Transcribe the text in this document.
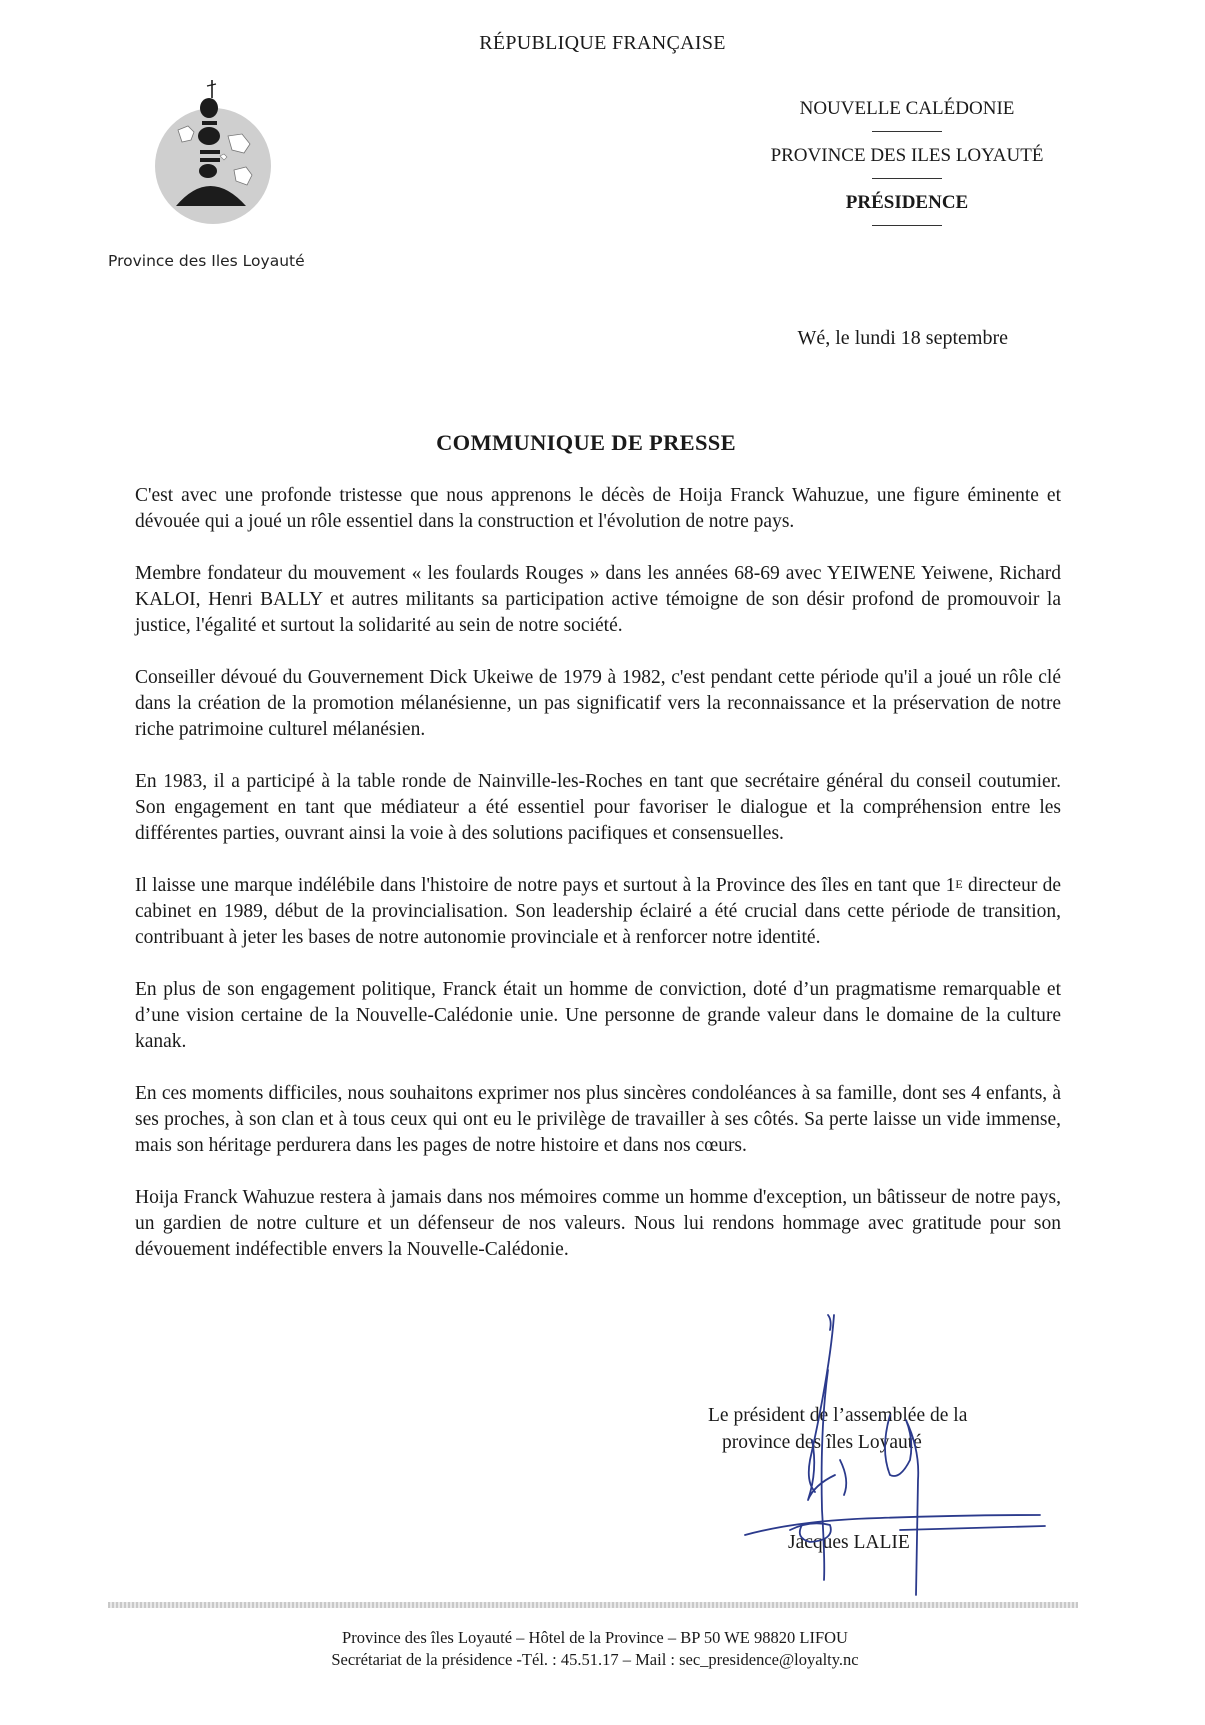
RÉPUBLIQUE FRANÇAISE
Province des Iles Loyauté
NOUVELLE CALÉDONIE
PROVINCE DES ILES LOYAUTÉ
PRÉSIDENCE
Wé, le lundi 18 septembre
COMMUNIQUE DE PRESSE

C'est avec une profonde tristesse que nous apprenons le décès de Hoija Franck Wahuzue, une figure éminente et dévouée qui a joué un rôle essentiel dans la construction et l'évolution de notre pays.

Membre fondateur du mouvement « les foulards Rouges » dans les années 68-69 avec YEIWENE Yeiwene, Richard KALOI, Henri BALLY et autres militants sa participation active témoigne de son désir profond de promouvoir la justice, l'égalité et surtout la solidarité au sein de notre société.

Conseiller dévoué du Gouvernement Dick Ukeiwe de 1979 à 1982, c'est pendant cette période qu'il a joué un rôle clé dans la création de la promotion mélanésienne, un pas significatif vers la reconnaissance et la préservation de notre riche patrimoine culturel mélanésien.

En 1983, il a participé à la table ronde de Nainville-les-Roches en tant que secrétaire général du conseil coutumier. Son engagement en tant que médiateur a été essentiel pour favoriser le dialogue et la compréhension entre les différentes parties, ouvrant ainsi la voie à des solutions pacifiques et consensuelles.

Il laisse une marque indélébile dans l'histoire de notre pays et surtout à la Province des îles en tant que $1^E$ directeur de cabinet en 1989, début de la provincialisation. Son leadership éclairé a été crucial dans cette période de transition, contribuant à jeter les bases de notre autonomie provinciale et à renforcer notre identité.

En plus de son engagement politique, Franck était un homme de conviction, doté d’un pragmatisme remarquable et d’une vision certaine de la Nouvelle-Calédonie unie. Une personne de grande valeur dans le domaine de la culture kanak.

En ces moments difficiles, nous souhaitons exprimer nos plus sincères condoléances à sa famille, dont ses 4 enfants, à ses proches, à son clan et à tous ceux qui ont eu le privilège de travailler à ses côtés. Sa perte laisse un vide immense, mais son héritage perdurera dans les pages de notre histoire et dans nos cœurs.

Hoija Franck Wahuzue restera à jamais dans nos mémoires comme un homme d'exception, un bâtisseur de notre pays, un gardien de notre culture et un défenseur de nos valeurs. Nous lui rendons hommage avec gratitude pour son dévouement indéfectible envers la Nouvelle-Calédonie.

Le président de l’assemblée de la
province des îles Loyauté
Jacques LALIE
Province des îles Loyauté – Hôtel de la Province – BP 50 WE 98820 LIFOU
Secrétariat de la présidence -Tél. : 45.51.17 – Mail : sec_presidence@loyalty.nc
